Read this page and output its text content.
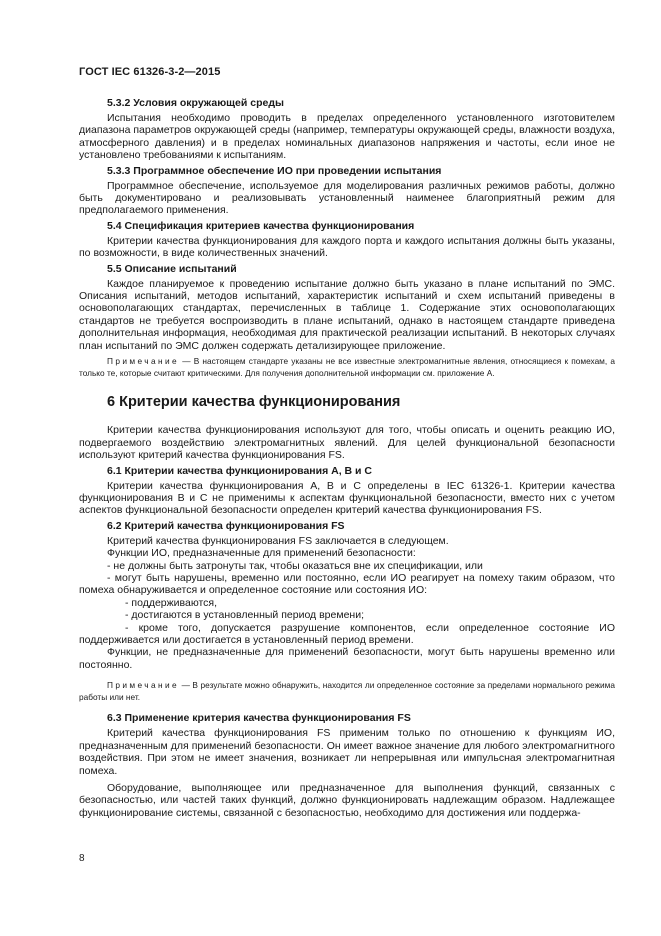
ГОСТ IEC 61326-3-2—2015
5.3.2 Условия окружающей среды

Испытания необходимо проводить в пределах определенного установленного изготовителем диапазона параметров окружающей среды (например, температуры окружающей среды, влажности воздуха, атмосферного давления) и в пределах номинальных диапазонов напряжения и частоты, если иное не установлено требованиями к испытаниям.

5.3.3 Программное обеспечение ИО при проведении испытания

Программное обеспечение, используемое для моделирования различных режимов работы, должно быть документировано и реализовывать установленный наименее благоприятный режим для предполагаемого применения.

5.4 Спецификация критериев качества функционирования

Критерии качества функционирования для каждого порта и каждого испытания должны быть указаны, по возможности, в виде количественных значений.

5.5 Описание испытаний

Каждое планируемое к проведению испытание должно быть указано в плане испытаний по ЭМС. Описания испытаний, методов испытаний, характеристик испытаний и схем испытаний приведены в основополагающих стандартах, перечисленных в таблице 1. Содержание этих основополагающих стандартов не требуется воспроизводить в плане испытаний, однако в настоящем стандарте приведена дополнительная информация, необходимая для практической реализации испытаний. В некоторых случаях план испытаний по ЭМС должен содержать детализирующее приложение.

Примечание — В настоящем стандарте указаны не все известные электромагнитные явления, относящиеся к помехам, а только те, которые считают критическими. Для получения дополнительной информации см. приложение А.

6 Критерии качества функционирования

Критерии качества функционирования используют для того, чтобы описать и оценить реакцию ИО, подвергаемого воздействию электромагнитных явлений. Для целей функциональной безопасности используют критерий качества функционирования FS.

6.1 Критерии качества функционирования А, В и С

Критерии качества функционирования А, В и С определены в IEC 61326-1. Критерии качества функционирования В и С не применимы к аспектам функциональной безопасности, вместо них с учетом аспектов функциональной безопасности определен критерий качества функционирования FS.

6.2 Критерий качества функционирования FS

Критерий качества функционирования FS заключается в следующем.

Функции ИО, предназначенные для применений безопасности:

- не должны быть затронуты так, чтобы оказаться вне их спецификации, или

- могут быть нарушены, временно или постоянно, если ИО реагирует на помеху таким образом, что помеха обнаруживается и определенное состояние или состояния ИО:

- поддерживаются,

- достигаются в установленный период времени;

- кроме того, допускается разрушение компонентов, если определенное состояние ИО поддерживается или достигается в установленный период времени.

Функции, не предназначенные для применений безопасности, могут быть нарушены временно или постоянно.

Примечание — В результате можно обнаружить, находится ли определенное состояние за пределами нормального режима работы или нет.

6.3 Применение критерия качества функционирования FS

Критерий качества функционирования FS применим только по отношению к функциям ИО, предназначенным для применений безопасности. Он имеет важное значение для любого электромагнитного воздействия. При этом не имеет значения, возникает ли непрерывная или импульсная электромагнитная помеха.

Оборудование, выполняющее или предназначенное для выполнения функций, связанных с безопасностью, или частей таких функций, должно функционировать надлежащим образом. Надлежащее функционирование системы, связанной с безопасностью, необходимо для достижения или поддержа-

8
